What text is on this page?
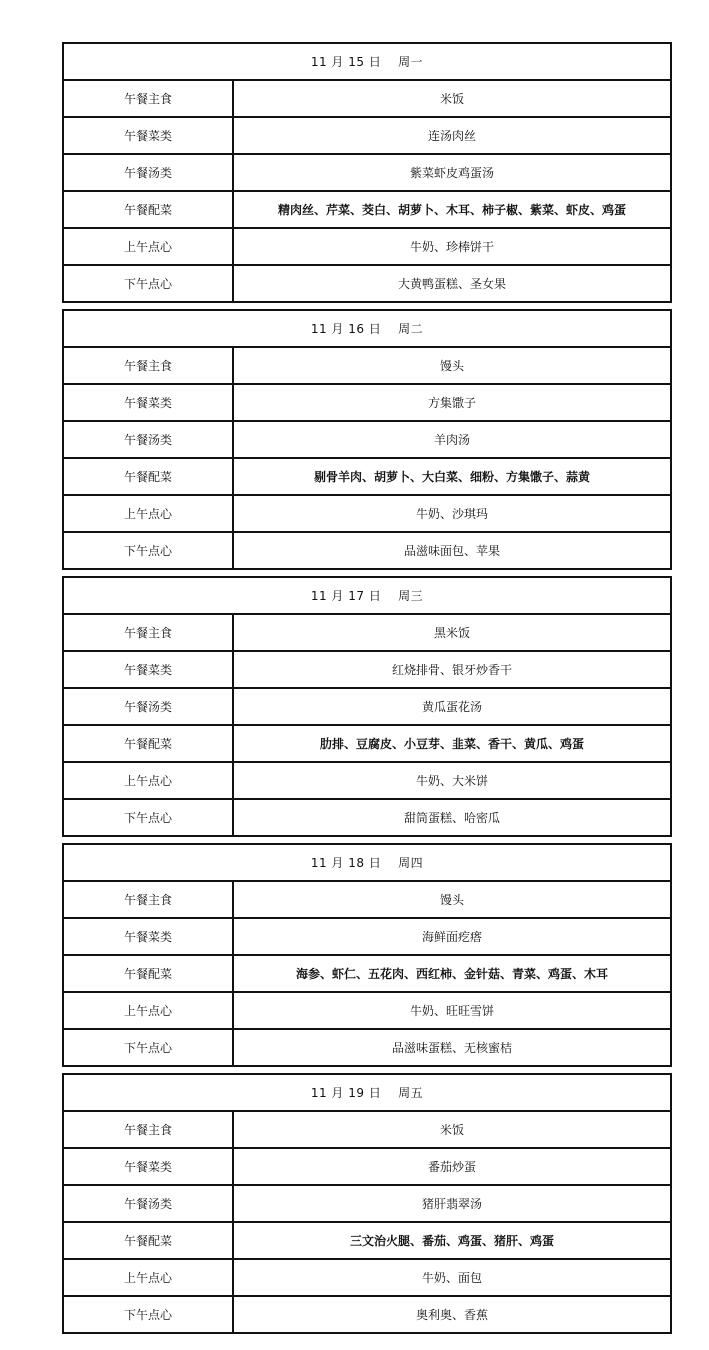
11 月 15 日　 周一
午餐主食	米饭
午餐菜类	连汤肉丝
午餐汤类	紫菜虾皮鸡蛋汤
午餐配菜	精肉丝、芹菜、茭白、胡萝卜、木耳、柿子椒、紫菜、虾皮、鸡蛋
上午点心	牛奶、珍棒饼干
下午点心	大黄鸭蛋糕、圣女果
11 月 16 日　 周二
午餐主食	馒头
午餐菜类	方集馓子
午餐汤类	羊肉汤
午餐配菜	剔骨羊肉、胡萝卜、大白菜、细粉、方集馓子、蒜黄
上午点心	牛奶、沙琪玛
下午点心	品滋味面包、苹果
11 月 17 日　 周三
午餐主食	黑米饭
午餐菜类	红烧排骨、银牙炒香干
午餐汤类	黄瓜蛋花汤
午餐配菜	肋排、豆腐皮、小豆芽、韭菜、香干、黄瓜、鸡蛋
上午点心	牛奶、大米饼
下午点心	甜筒蛋糕、哈密瓜
11 月 18 日　 周四
午餐主食	馒头
午餐菜类	海鲜面疙瘩
午餐配菜	海参、虾仁、五花肉、西红柿、金针菇、青菜、鸡蛋、木耳
上午点心	牛奶、旺旺雪饼
下午点心	品滋味蛋糕、无核蜜桔
11 月 19 日　 周五
午餐主食	米饭
午餐菜类	番茄炒蛋
午餐汤类	猪肝翡翠汤
午餐配菜	三文治火腿、番茄、鸡蛋、猪肝、鸡蛋
上午点心	牛奶、面包
下午点心	奥利奥、香蕉
